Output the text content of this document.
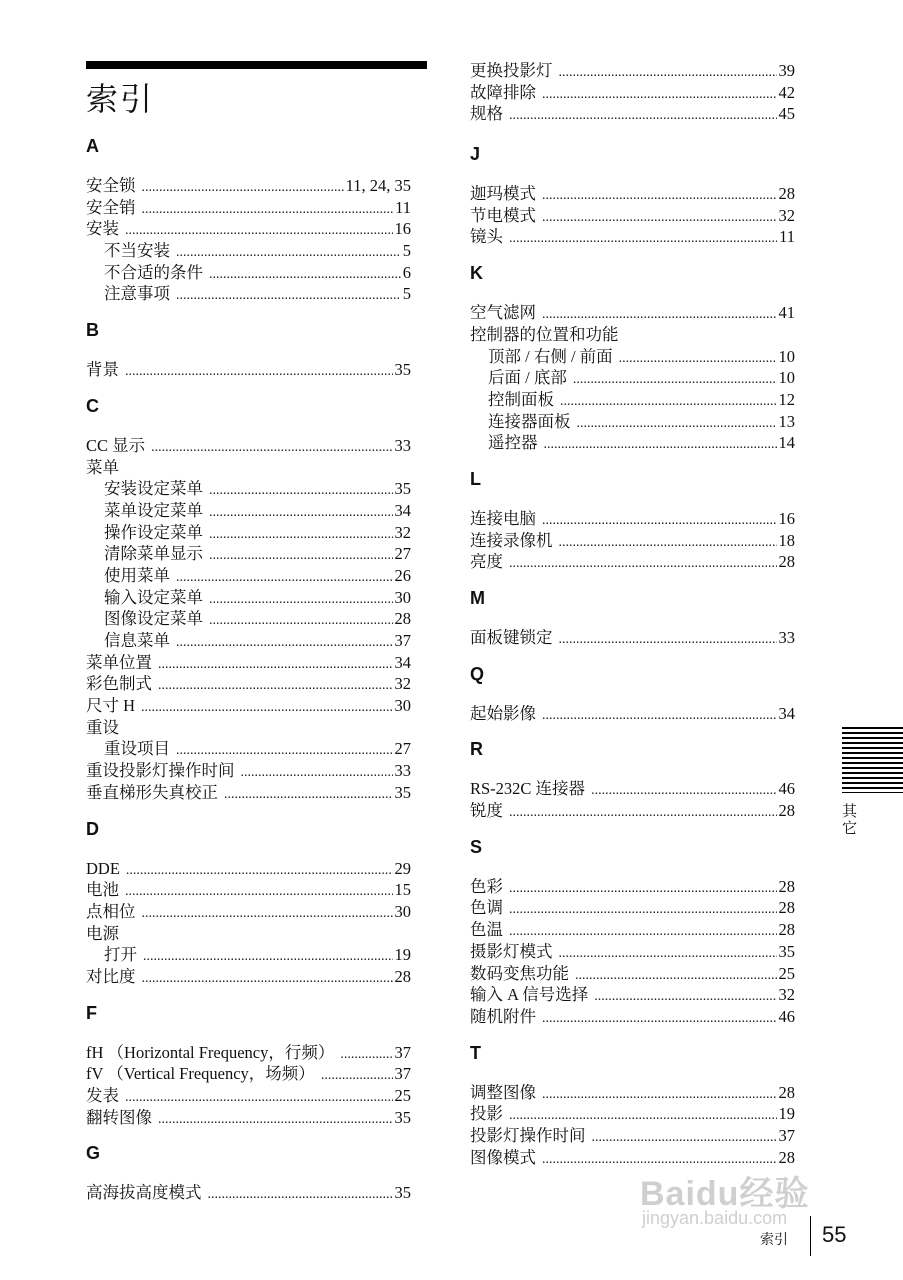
索引
A
安全锁 .....	11, 24, 35
安全销 .....	11
安装 .....	16
不当安装 .....	5
不合适的条件 .....	6
注意事项 .....	5
B
背景 .....	35
C
CC 显示 .....	33
菜单
安装设定菜单 .....	35
菜单设定菜单 .....	34
操作设定菜单 .....	32
清除菜单显示 .....	27
使用菜单 .....	26
输入设定菜单 .....	30
图像设定菜单 .....	28
信息菜单 .....	37
菜单位置 .....	34
彩色制式 .....	32
尺寸 H .....	30
重设
重设项目 .....	27
重设投影灯操作时间 .....	33
垂直梯形失真校正 .....	35
D
DDE .....	29
电池 .....	15
点相位 .....	30
电源
打开 .....	19
对比度 .....	28
F
fH （Horizontal Frequency，行频） .....	37
fV （Vertical Frequency，场频） .....	37
发表 .....	25
翻转图像 .....	35
G
高海拔高度模式 .....	35
更换投影灯 .....	39
故障排除 .....	42
规格 .....	45
J
迦玛模式 .....	28
节电模式 .....	32
镜头 .....	11
K
空气滤网 .....	41
控制器的位置和功能
顶部 / 右侧 / 前面 .....	10
后面 / 底部 .....	10
控制面板 .....	12
连接器面板 .....	13
遥控器 .....	14
L
连接电脑 .....	16
连接录像机 .....	18
亮度 .....	28
M
面板键锁定 .....	33
Q
起始影像 .....	34
R
RS-232C 连接器 .....	46
锐度 .....	28
S
色彩 .....	28
色调 .....	28
色温 .....	28
摄影灯模式 .....	35
数码变焦功能 .....	25
输入 A 信号选择 .....	32
随机附件 .....	46
T
调整图像 .....	28
投影 .....	19
投影灯操作时间 .....	37
图像模式 .....	28
其它
Baidu经验
jingyan.baidu.com
索引 55
